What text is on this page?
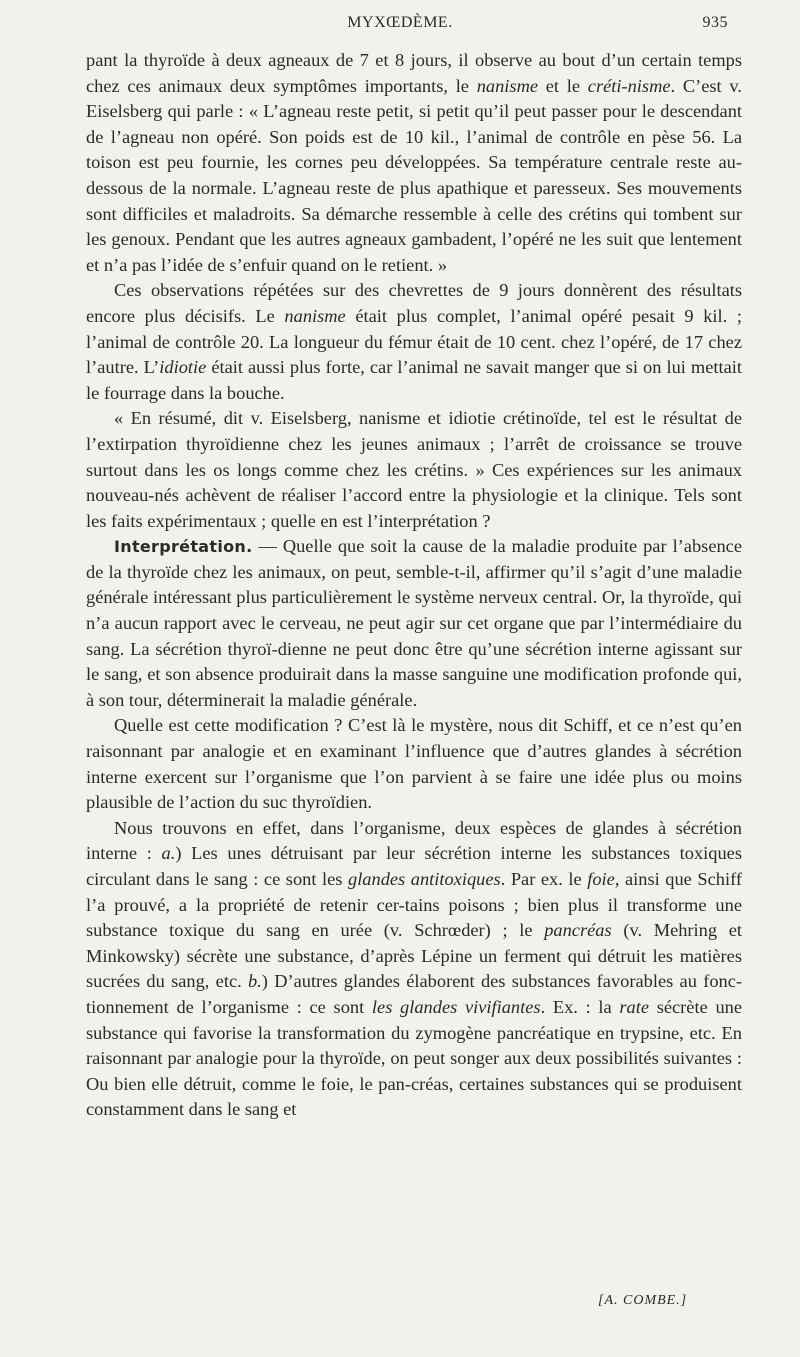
MYXŒDÈME.	935

pant la thyroïde à deux agneaux de 7 et 8 jours, il observe au bout d’un certain temps chez ces animaux deux symptômes importants, le nanisme et le créti-nisme. C’est v. Eiselsberg qui parle : « L’agneau reste petit, si petit qu’il peut passer pour le descendant de l’agneau non opéré. Son poids est de 10 kil., l’animal de contrôle en pèse 56. La toison est peu fournie, les cornes peu développées. Sa température centrale reste au-dessous de la normale. L’agneau reste de plus apathique et paresseux. Ses mouvements sont difficiles et maladroits. Sa démarche ressemble à celle des crétins qui tombent sur les genoux. Pendant que les autres agneaux gambadent, l’opéré ne les suit que lentement et n’a pas l’idée de s’enfuir quand on le retient. »

Ces observations répétées sur des chevrettes de 9 jours donnèrent des résultats encore plus décisifs. Le nanisme était plus complet, l’animal opéré pesait 9 kil. ; l’animal de contrôle 20. La longueur du fémur était de 10 cent. chez l’opéré, de 17 chez l’autre. L’idiotie était aussi plus forte, car l’animal ne savait manger que si on lui mettait le fourrage dans la bouche.

« En résumé, dit v. Eiselsberg, nanisme et idiotie crétinoïde, tel est le résultat de l’extirpation thyroïdienne chez les jeunes animaux ; l’arrêt de croissance se trouve surtout dans les os longs comme chez les crétins. » Ces expériences sur les animaux nouveau-nés achèvent de réaliser l’accord entre la physiologie et la clinique. Tels sont les faits expérimentaux ; quelle en est l’interprétation ?

Interprétation. — Quelle que soit la cause de la maladie produite par l’absence de la thyroïde chez les animaux, on peut, semble-t-il, affirmer qu’il s’agit d’une maladie générale intéressant plus particulièrement le système nerveux central. Or, la thyroïde, qui n’a aucun rapport avec le cerveau, ne peut agir sur cet organe que par l’intermédiaire du sang. La sécrétion thyroï-dienne ne peut donc être qu’une sécrétion interne agissant sur le sang, et son absence produirait dans la masse sanguine une modification profonde qui, à son tour, déterminerait la maladie générale.

Quelle est cette modification ? C’est là le mystère, nous dit Schiff, et ce n’est qu’en raisonnant par analogie et en examinant l’influence que d’autres glandes à sécrétion interne exercent sur l’organisme que l’on parvient à se faire une idée plus ou moins plausible de l’action du suc thyroïdien.

Nous trouvons en effet, dans l’organisme, deux espèces de glandes à sécrétion interne : a.) Les unes détruisant par leur sécrétion interne les substances toxiques circulant dans le sang : ce sont les glandes antitoxiques. Par ex. le foie, ainsi que Schiff l’a prouvé, a la propriété de retenir cer-tains poisons ; bien plus il transforme une substance toxique du sang en urée (v. Schrœder) ; le pancréas (v. Mehring et Minkowsky) sécrète une substance, d’après Lépine un ferment qui détruit les matières sucrées du sang, etc. b.) D’autres glandes élaborent des substances favorables au fonc-tionnement de l’organisme : ce sont les glandes vivifiantes. Ex. : la rate sécrète une substance qui favorise la transformation du zymogène pancréatique en trypsine, etc. En raisonnant par analogie pour la thyroïde, on peut songer aux deux possibilités suivantes : Ou bien elle détruit, comme le foie, le pan-créas, certaines substances qui se produisent constamment dans le sang et

[A. COMBE.]
